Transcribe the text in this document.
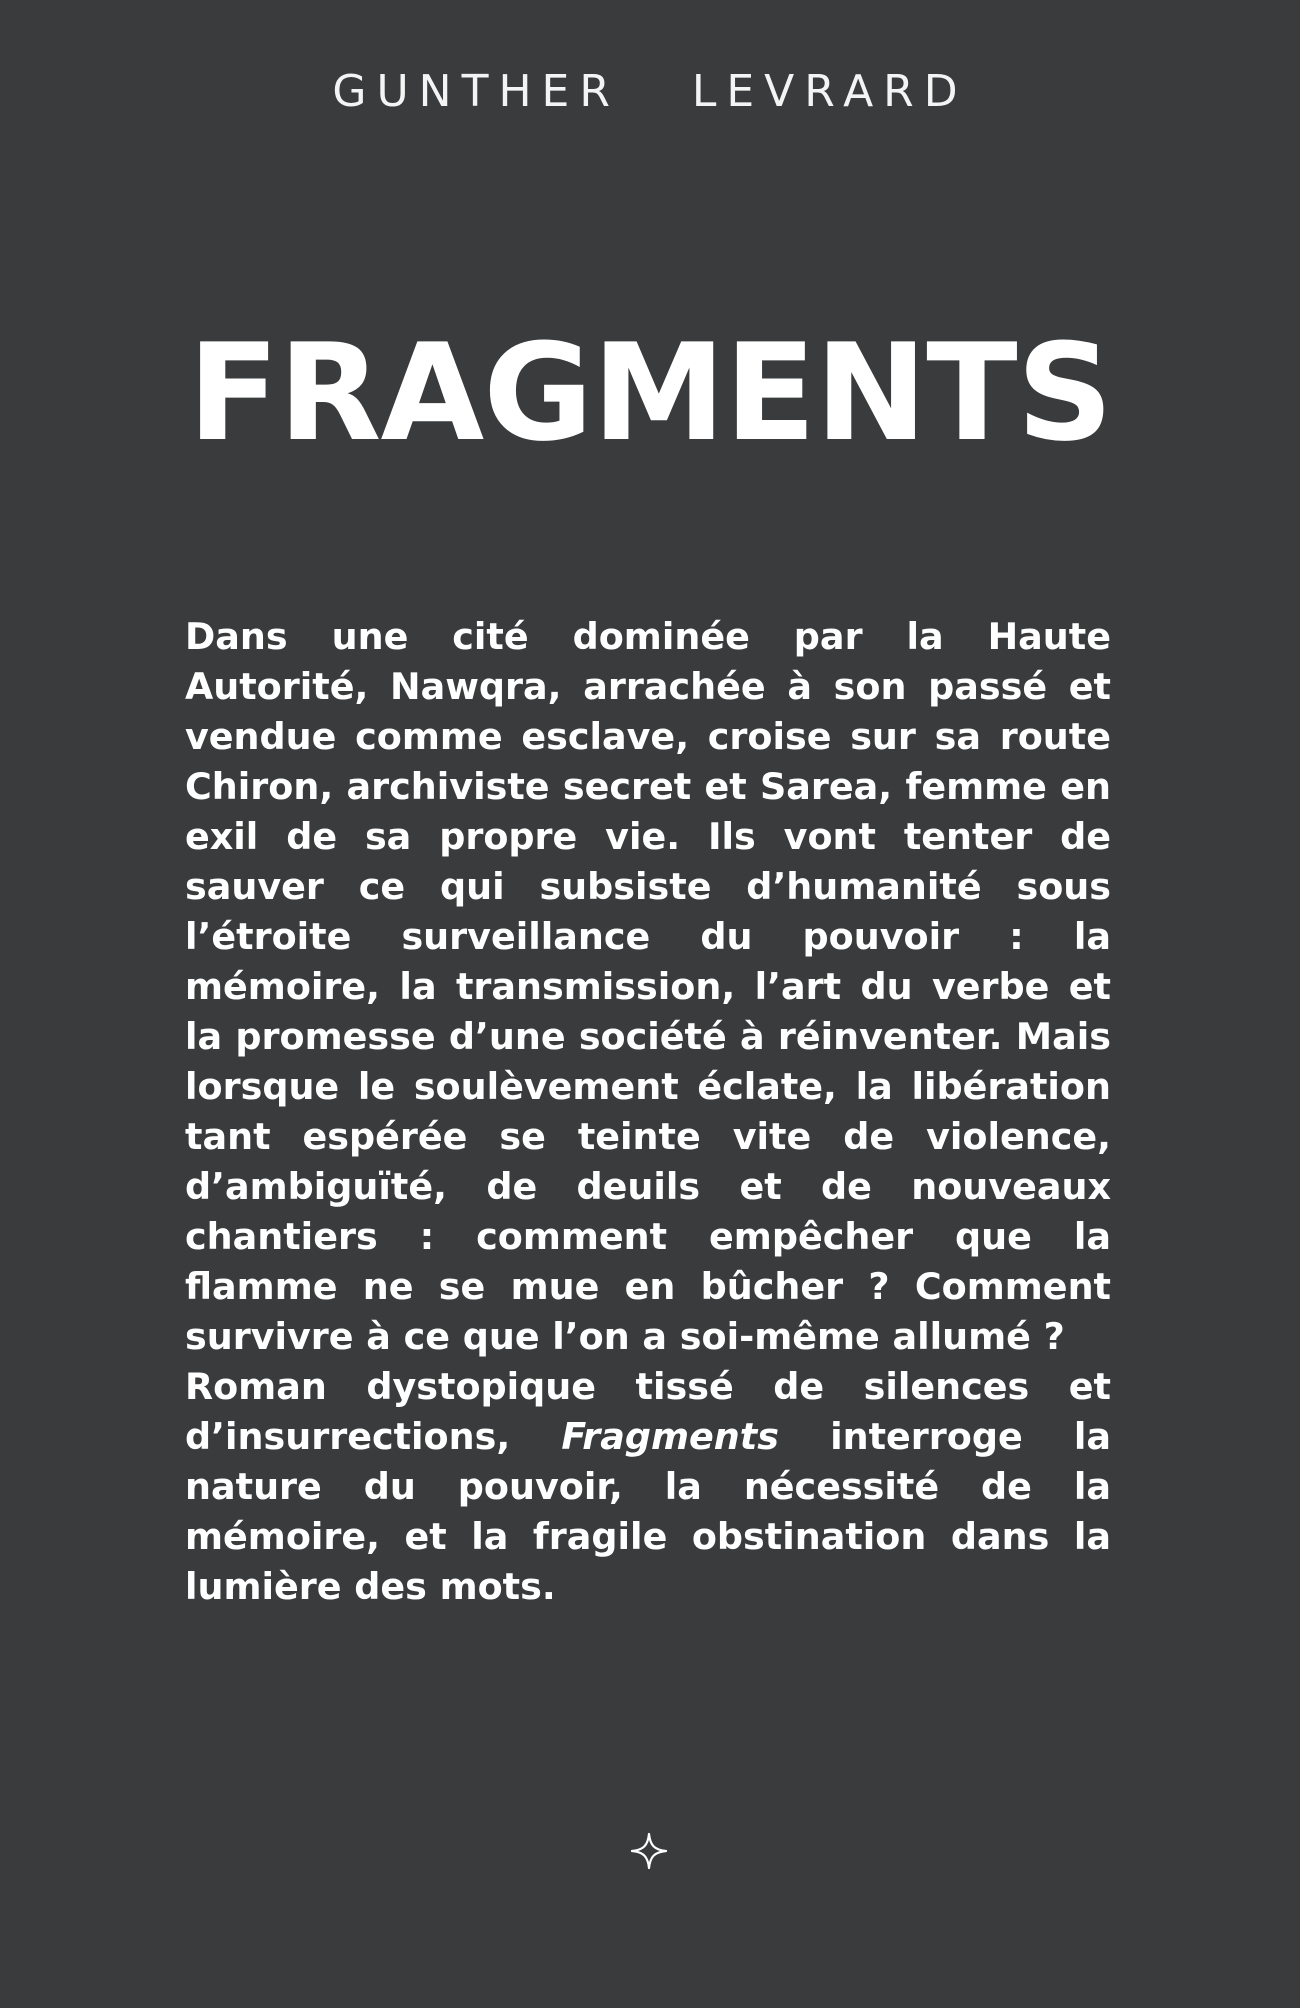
GUNTHER   LEVRARD
FRAGMENTS

Dans une cité dominée par la Haute Autorité, Nawqra, arrachée à son passé et vendue comme esclave, croise sur sa route Chiron, archiviste secret et Sarea, femme en exil de sa propre vie. Ils vont tenter de sauver ce qui subsiste d’humanité sous l’étroite surveillance du pouvoir : la mémoire, la transmission, l’art du verbe et la promesse d’une société à réinventer. Mais lorsque le soulèvement éclate, la libération tant espérée se teinte vite de violence, d’ambiguïté, de deuils et de nouveaux chantiers : comment empêcher que la flamme ne se mue en bûcher ? Comment survivre à ce que l’on a soi-même allumé ?

Roman dystopique tissé de silences et d’insurrections, Fragments interroge la nature du pouvoir, la nécessité de la mémoire, et la fragile obstination dans la lumière des mots.
